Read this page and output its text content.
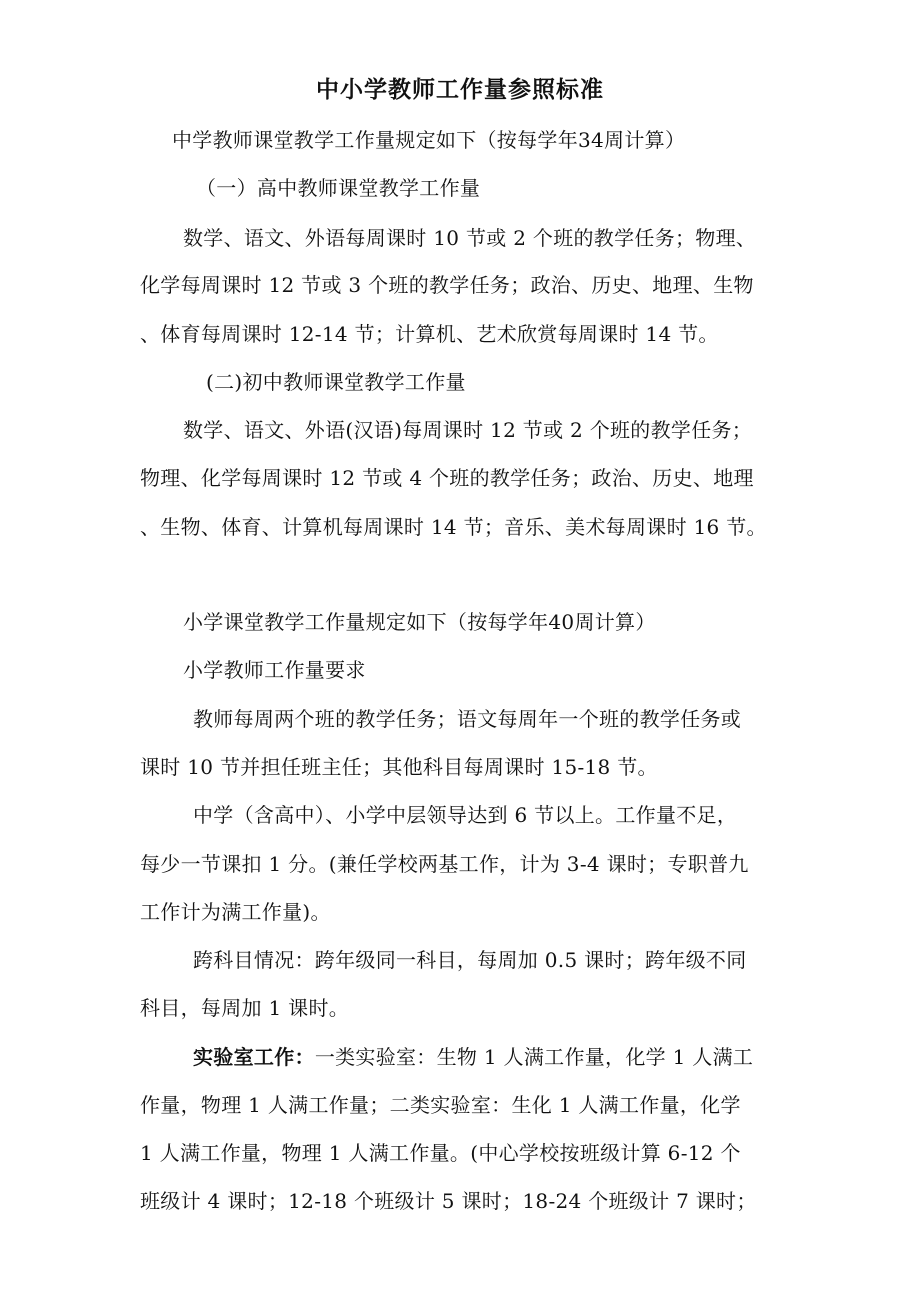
中小学教师工作量参照标准
中学教师课堂教学工作量规定如下（按每学年34周计算）
（一）高中教师课堂教学工作量
数学、语文、外语每周课时 10 节或 2 个班的教学任务；物理、
化学每周课时 12 节或 3 个班的教学任务；政治、历史、地理、生物
、体育每周课时 12-14 节；计算机、艺术欣赏每周课时 14 节。
(二)初中教师课堂教学工作量
数学、语文、外语(汉语)每周课时 12 节或 2 个班的教学任务；
物理、化学每周课时 12 节或 4 个班的教学任务；政治、历史、地理
、生物、体育、计算机每周课时 14 节；音乐、美术每周课时 16 节。
小学课堂教学工作量规定如下（按每学年40周计算）
小学教师工作量要求
教师每周两个班的教学任务；语文每周年一个班的教学任务或
课时 10 节并担任班主任；其他科目每周课时 15-18 节。
中学（含高中）、小学中层领导达到 6 节以上。工作量不足，
每少一节课扣 1 分。(兼任学校两基工作，计为 3-4 课时；专职普九
工作计为满工作量)。
跨科目情况：跨年级同一科目，每周加 0.5 课时；跨年级不同
科目，每周加 1 课时。
实验室工作：一类实验室：生物 1 人满工作量，化学 1 人满工
作量，物理 1 人满工作量；二类实验室：生化 1 人满工作量，化学
1 人满工作量，物理 1 人满工作量。(中心学校按班级计算 6-12 个
班级计 4 课时；12-18 个班级计 5 课时；18-24 个班级计 7 课时；
